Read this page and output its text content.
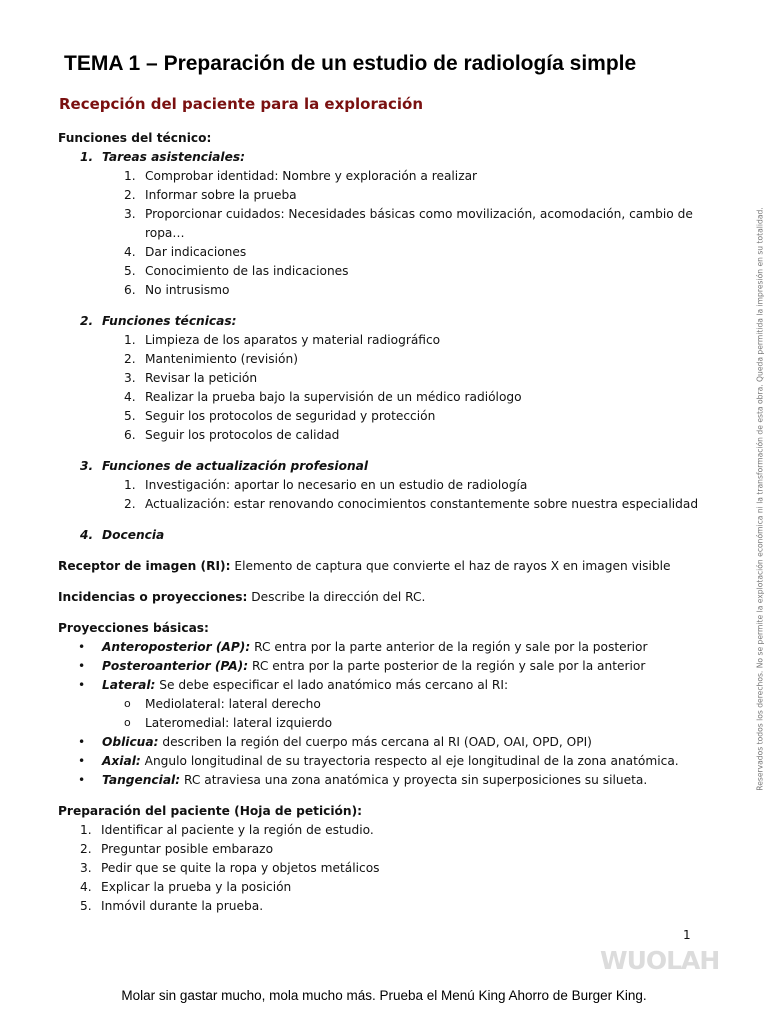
TEMA 1 – Preparación de un estudio de radiología simple
Recepción del paciente para la exploración
Funciones del técnico:
1. Tareas asistenciales:
1. Comprobar identidad: Nombre y exploración a realizar
2. Informar sobre la prueba
3. Proporcionar cuidados: Necesidades básicas como movilización, acomodación, cambio de ropa…
4. Dar indicaciones
5. Conocimiento de las indicaciones
6. No intrusismo
2. Funciones técnicas:
1. Limpieza de los aparatos y material radiográfico
2. Mantenimiento (revisión)
3. Revisar la petición
4. Realizar la prueba bajo la supervisión de un médico radiólogo
5. Seguir los protocolos de seguridad y protección
6. Seguir los protocolos de calidad
3. Funciones de actualización profesional
1. Investigación: aportar lo necesario en un estudio de radiología
2. Actualización: estar renovando conocimientos constantemente sobre nuestra especialidad
4. Docencia
Receptor de imagen (RI): Elemento de captura que convierte el haz de rayos X en imagen visible
Incidencias o proyecciones: Describe la dirección del RC.
Proyecciones básicas:
• Anteroposterior (AP): RC entra por la parte anterior de la región y sale por la posterior
• Posteroanterior (PA): RC entra por la parte posterior de la región y sale por la anterior
• Lateral: Se debe especificar el lado anatómico más cercano al RI:
o Mediolateral: lateral derecho
o Lateromedial: lateral izquierdo
• Oblicua: describen la región del cuerpo más cercana al RI (OAD, OAI, OPD, OPI)
• Axial: Angulo longitudinal de su trayectoria respecto al eje longitudinal de la zona anatómica.
• Tangencial: RC atraviesa una zona anatómica y proyecta sin superposiciones su silueta.
Preparación del paciente (Hoja de petición):
1. Identificar al paciente y la región de estudio.
2. Preguntar posible embarazo
3. Pedir que se quite la ropa y objetos metálicos
4. Explicar la prueba y la posición
5. Inmóvil durante la prueba.
Reservados todos los derechos. No se permite la explotación económica ni la transformación de esta obra. Queda permitida la impresión en su totalidad.
1
WUOLAH
Molar sin gastar mucho, mola mucho más. Prueba el Menú King Ahorro de Burger King.
